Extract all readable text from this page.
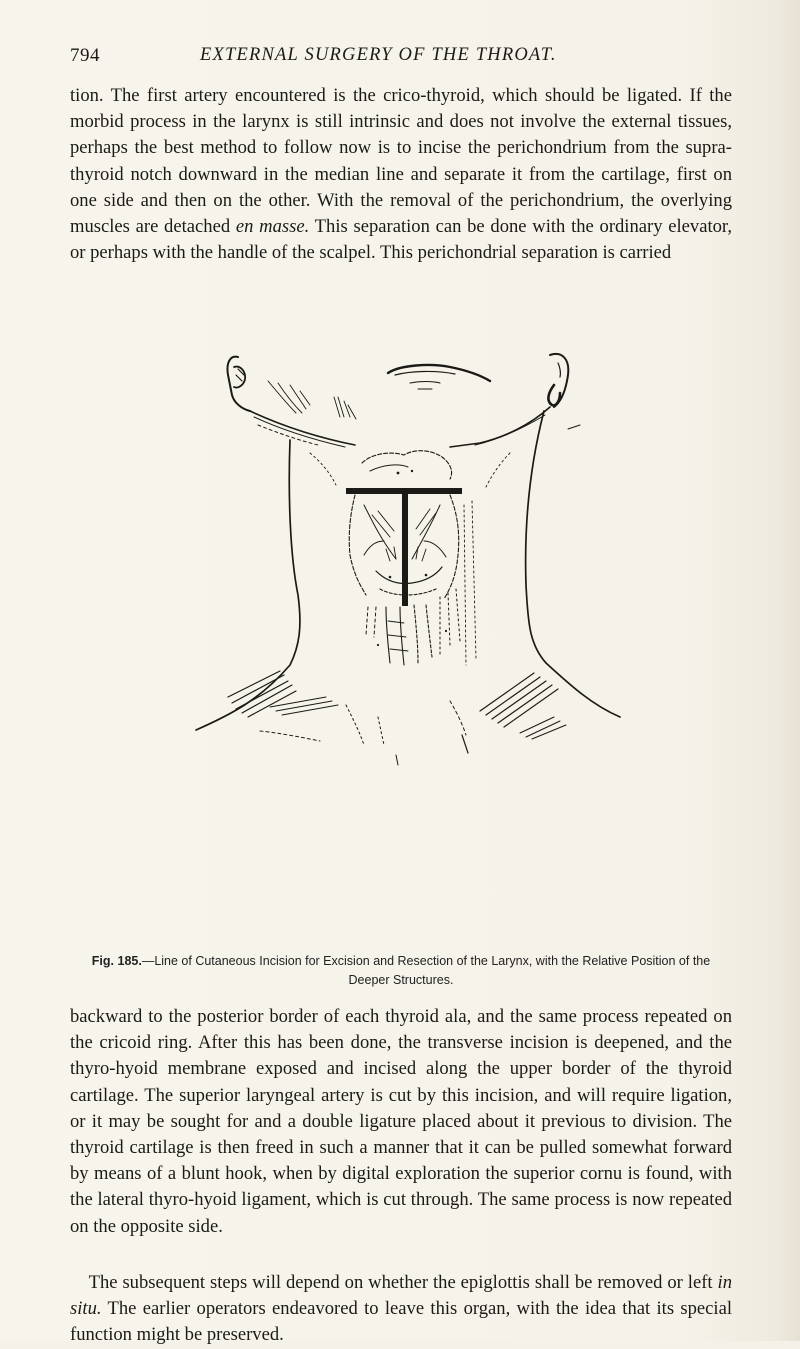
794	EXTERNAL SURGERY OF THE THROAT.

tion. The first artery encountered is the crico-thyroid, which should be ligated. If the morbid process in the larynx is still intrinsic and does not involve the external tissues, perhaps the best method to follow now is to incise the perichondrium from the supra-thyroid notch downward in the median line and separate it from the cartilage, first on one side and then on the other. With the removal of the perichondrium, the overlying muscles are detached en masse. This separation can be done with the ordinary elevator, or perhaps with the handle of the scalpel. This perichondrial separation is carried

Fig. 185.—Line of Cutaneous Incision for Excision and Resection of the Larynx, with the Relative Position of the Deeper Structures.

backward to the posterior border of each thyroid ala, and the same process repeated on the cricoid ring. After this has been done, the transverse incision is deepened, and the thyro-hyoid membrane exposed and incised along the upper border of the thyroid cartilage. The superior laryngeal artery is cut by this incision, and will require ligation, or it may be sought for and a double ligature placed about it previous to division. The thyroid cartilage is then freed in such a manner that it can be pulled somewhat forward by means of a blunt hook, when by digital exploration the superior cornu is found, with the lateral thyro-hyoid ligament, which is cut through. The same process is now repeated on the opposite side.

 The subsequent steps will depend on whether the epiglottis shall be removed or left in situ. The earlier operators endeavored to leave this organ, with the idea that its special function might be preserved.
